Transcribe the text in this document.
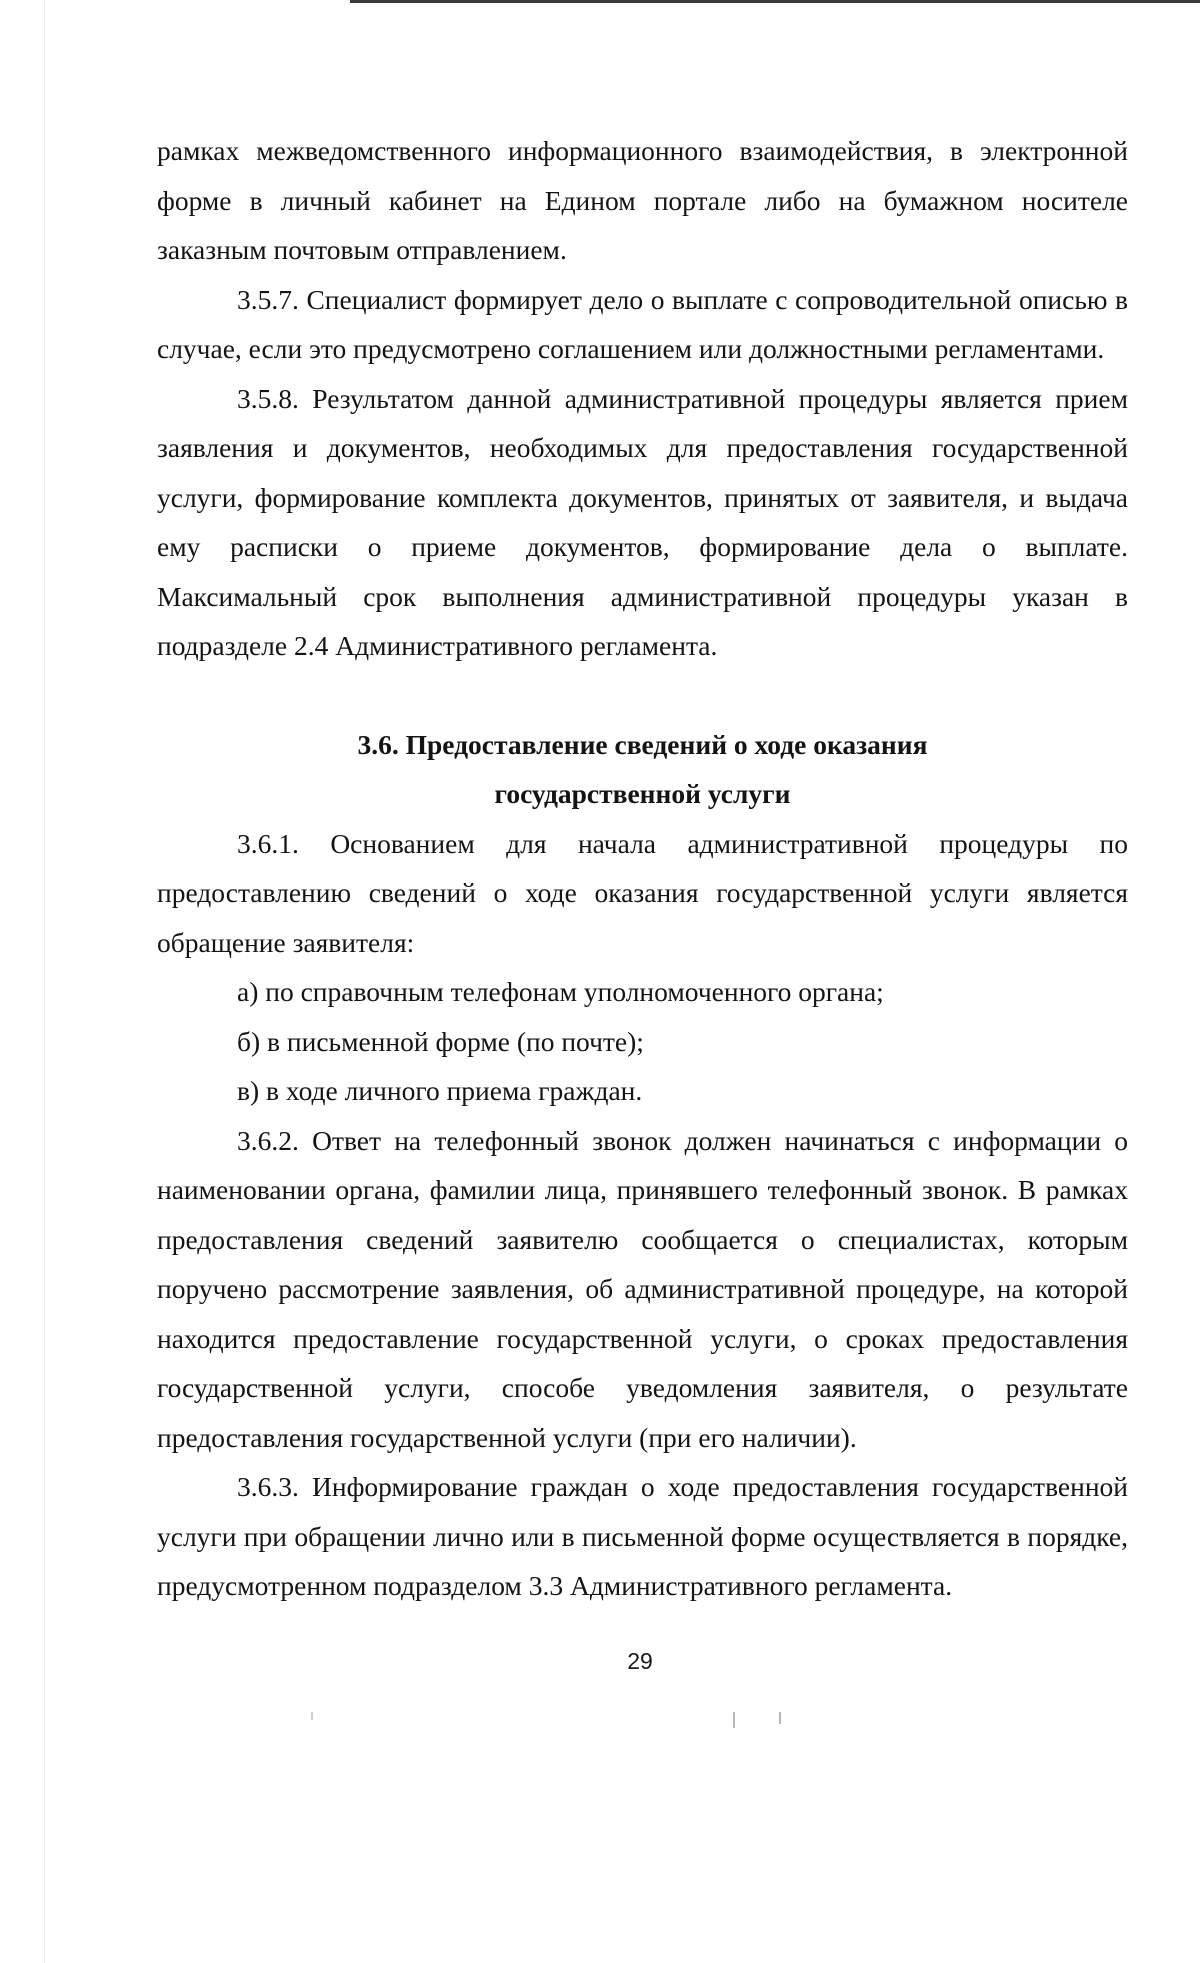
рамках межведомственного информационного взаимодействия, в электронной форме в личный кабинет на Едином портале либо на бумажном носителе заказным почтовым отправлением.

3.5.7. Специалист формирует дело о выплате с сопроводительной описью в случае, если это предусмотрено соглашением или должностными регламентами.

3.5.8. Результатом данной административной процедуры является прием заявления и документов, необходимых для предоставления государственной услуги, формирование комплекта документов, принятых от заявителя, и выдача ему расписки о приеме документов, формирование дела о выплате. Максимальный срок выполнения административной процедуры указан в подразделе 2.4 Административного регламента.

3.6. Предоставление сведений о ходе оказания
государственной услуги

3.6.1. Основанием для начала административной процедуры по предоставлению сведений о ходе оказания государственной услуги является обращение заявителя:

а) по справочным телефонам уполномоченного органа;

б) в письменной форме (по почте);

в) в ходе личного приема граждан.

3.6.2. Ответ на телефонный звонок должен начинаться с информации о наименовании органа, фамилии лица, принявшего телефонный звонок. В рамках предоставления сведений заявителю сообщается о специалистах, которым поручено рассмотрение заявления, об административной процедуре, на которой находится предоставление государственной услуги, о сроках предоставления государственной услуги, способе уведомления заявителя, о результате предоставления государственной услуги (при его наличии).

3.6.3. Информирование граждан о ходе предоставления государственной услуги при обращении лично или в письменной форме осуществляется в порядке, предусмотренном подразделом 3.3 Административного регламента.

29
